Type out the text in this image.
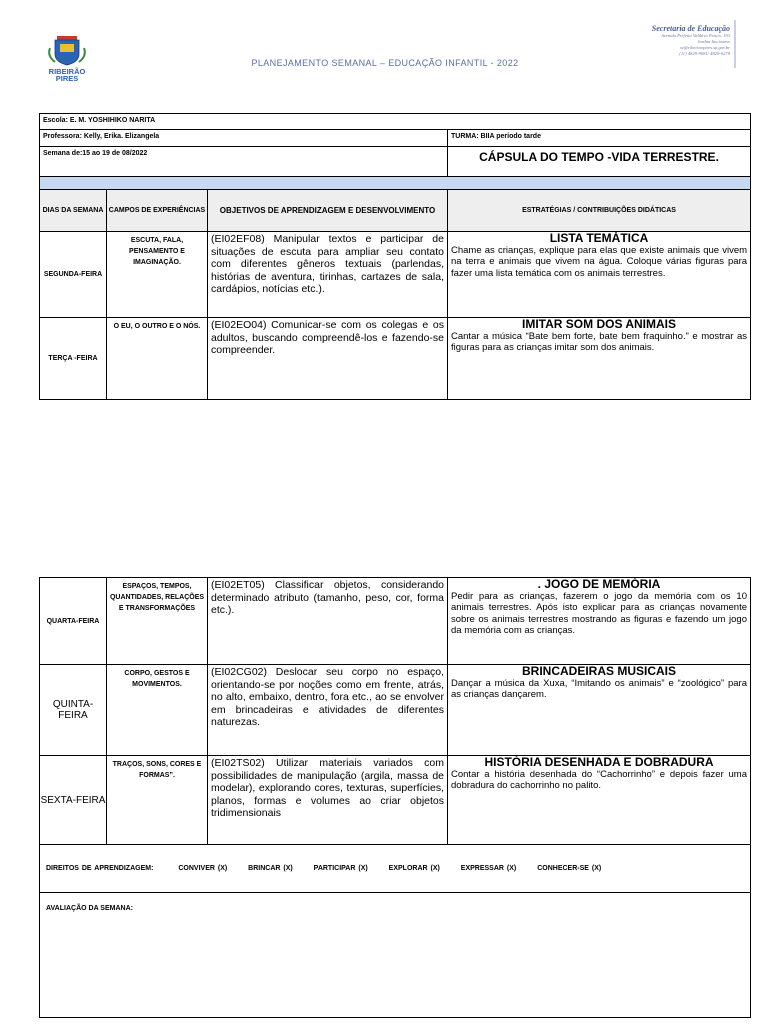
RIBEIRÃO
PIRES
PLANEJAMENTO SEMANAL – EDUCAÇÃO INFANTIL - 2022
Secretaria de Educação
Avenida Prefeito Valdírio Prisco, 193
Jardim Itacioamo
se@ribeiraopires.sp.gov.br
(11) 4829-9681/ 4829-9278
Escola: E. M. YOSHIHIKO NARITA			
Professora: Kelly, Erika. Elizangela			TURMA: BIIA período tarde
Semana de:15 ao 19 de 08/2022			CÁPSULA DO TEMPO -VIDA TERRESTRE.

DIAS DA SEMANA	CAMPOS DE EXPERIÊNCIAS	OBJETIVOS DE APRENDIZAGEM E DESENVOLVIMENTO	ESTRATÉGIAS / CONTRIBUIÇÕES DIDÁTICAS
SEGUNDA-FEIRA	ESCUTA, FALA, PENSAMENTO E IMAGINAÇÃO.	(EI02EF08) Manipular textos e participar de situações de escuta para ampliar seu contato com diferentes gêneros textuais (parlendas, histórias de aventura, tirinhas, cartazes de sala, cardápios, notícias etc.).	LISTA TEMÁTICA
Chame as crianças, explique para elas que existe animais que vivem na terra e animais que vivem na água. Coloque várias figuras para fazer uma lista temática com os animais terrestres.
TERÇA -FEIRA	O EU, O OUTRO E O NÓS.	(EI02EO04) Comunicar-se com os colegas e os adultos, buscando compreendê-los e fazendo-se compreender.	IMITAR SOM DOS ANIMAIS
Cantar a música “Bate bem forte, bate bem fraquinho.” e mostrar as figuras para as crianças imitar som dos animais.
QUARTA-FEIRA	ESPAÇOS, TEMPOS, QUANTIDADES, RELAÇÕES E TRANSFORMAÇÕES	(EI02ET05) Classificar objetos, considerando determinado atributo (tamanho, peso, cor, forma etc.).	. JOGO DE MEMÓRIA
Pedir para as crianças, fazerem o jogo da memória com os 10 animais terrestres. Após isto explicar para as crianças novamente sobre os animais terrestres mostrando as figuras e fazendo um jogo da memória com as crianças.
QUINTA-FEIRA	CORPO, GESTOS E MOVIMENTOS.	(EI02CG02) Deslocar seu corpo no espaço, orientando-se por noções como em frente, atrás, no alto, embaixo, dentro, fora etc., ao se envolver em brincadeiras e atividades de diferentes naturezas.	BRINCADEIRAS MUSICAIS
Dançar a música da Xuxa, “Imitando os animais” e “zoológico” para as crianças dançarem.
SEXTA-FEIRA	TRAÇOS, SONS, CORES E FORMAS”.	(EI02TS02) Utilizar materiais variados com possibilidades de manipulação (argila, massa de modelar), explorando cores, texturas, superfícies, planos, formas e volumes ao criar objetos tridimensionais	HISTÓRIA DESENHADA E DOBRADURA
Contar a história desenhada do “Cachorrinho” e depois fazer uma dobradura do cachorrinho no palito.
DIREITOS DE APRENDIZAGEM: CONVIVER (X) BRINCAR (X) PARTICIPAR (X) EXPLORAR (X) EXPRESSAR (X) CONHECER-SE (X)			
AVALIAÇÃO DA SEMANA:			
